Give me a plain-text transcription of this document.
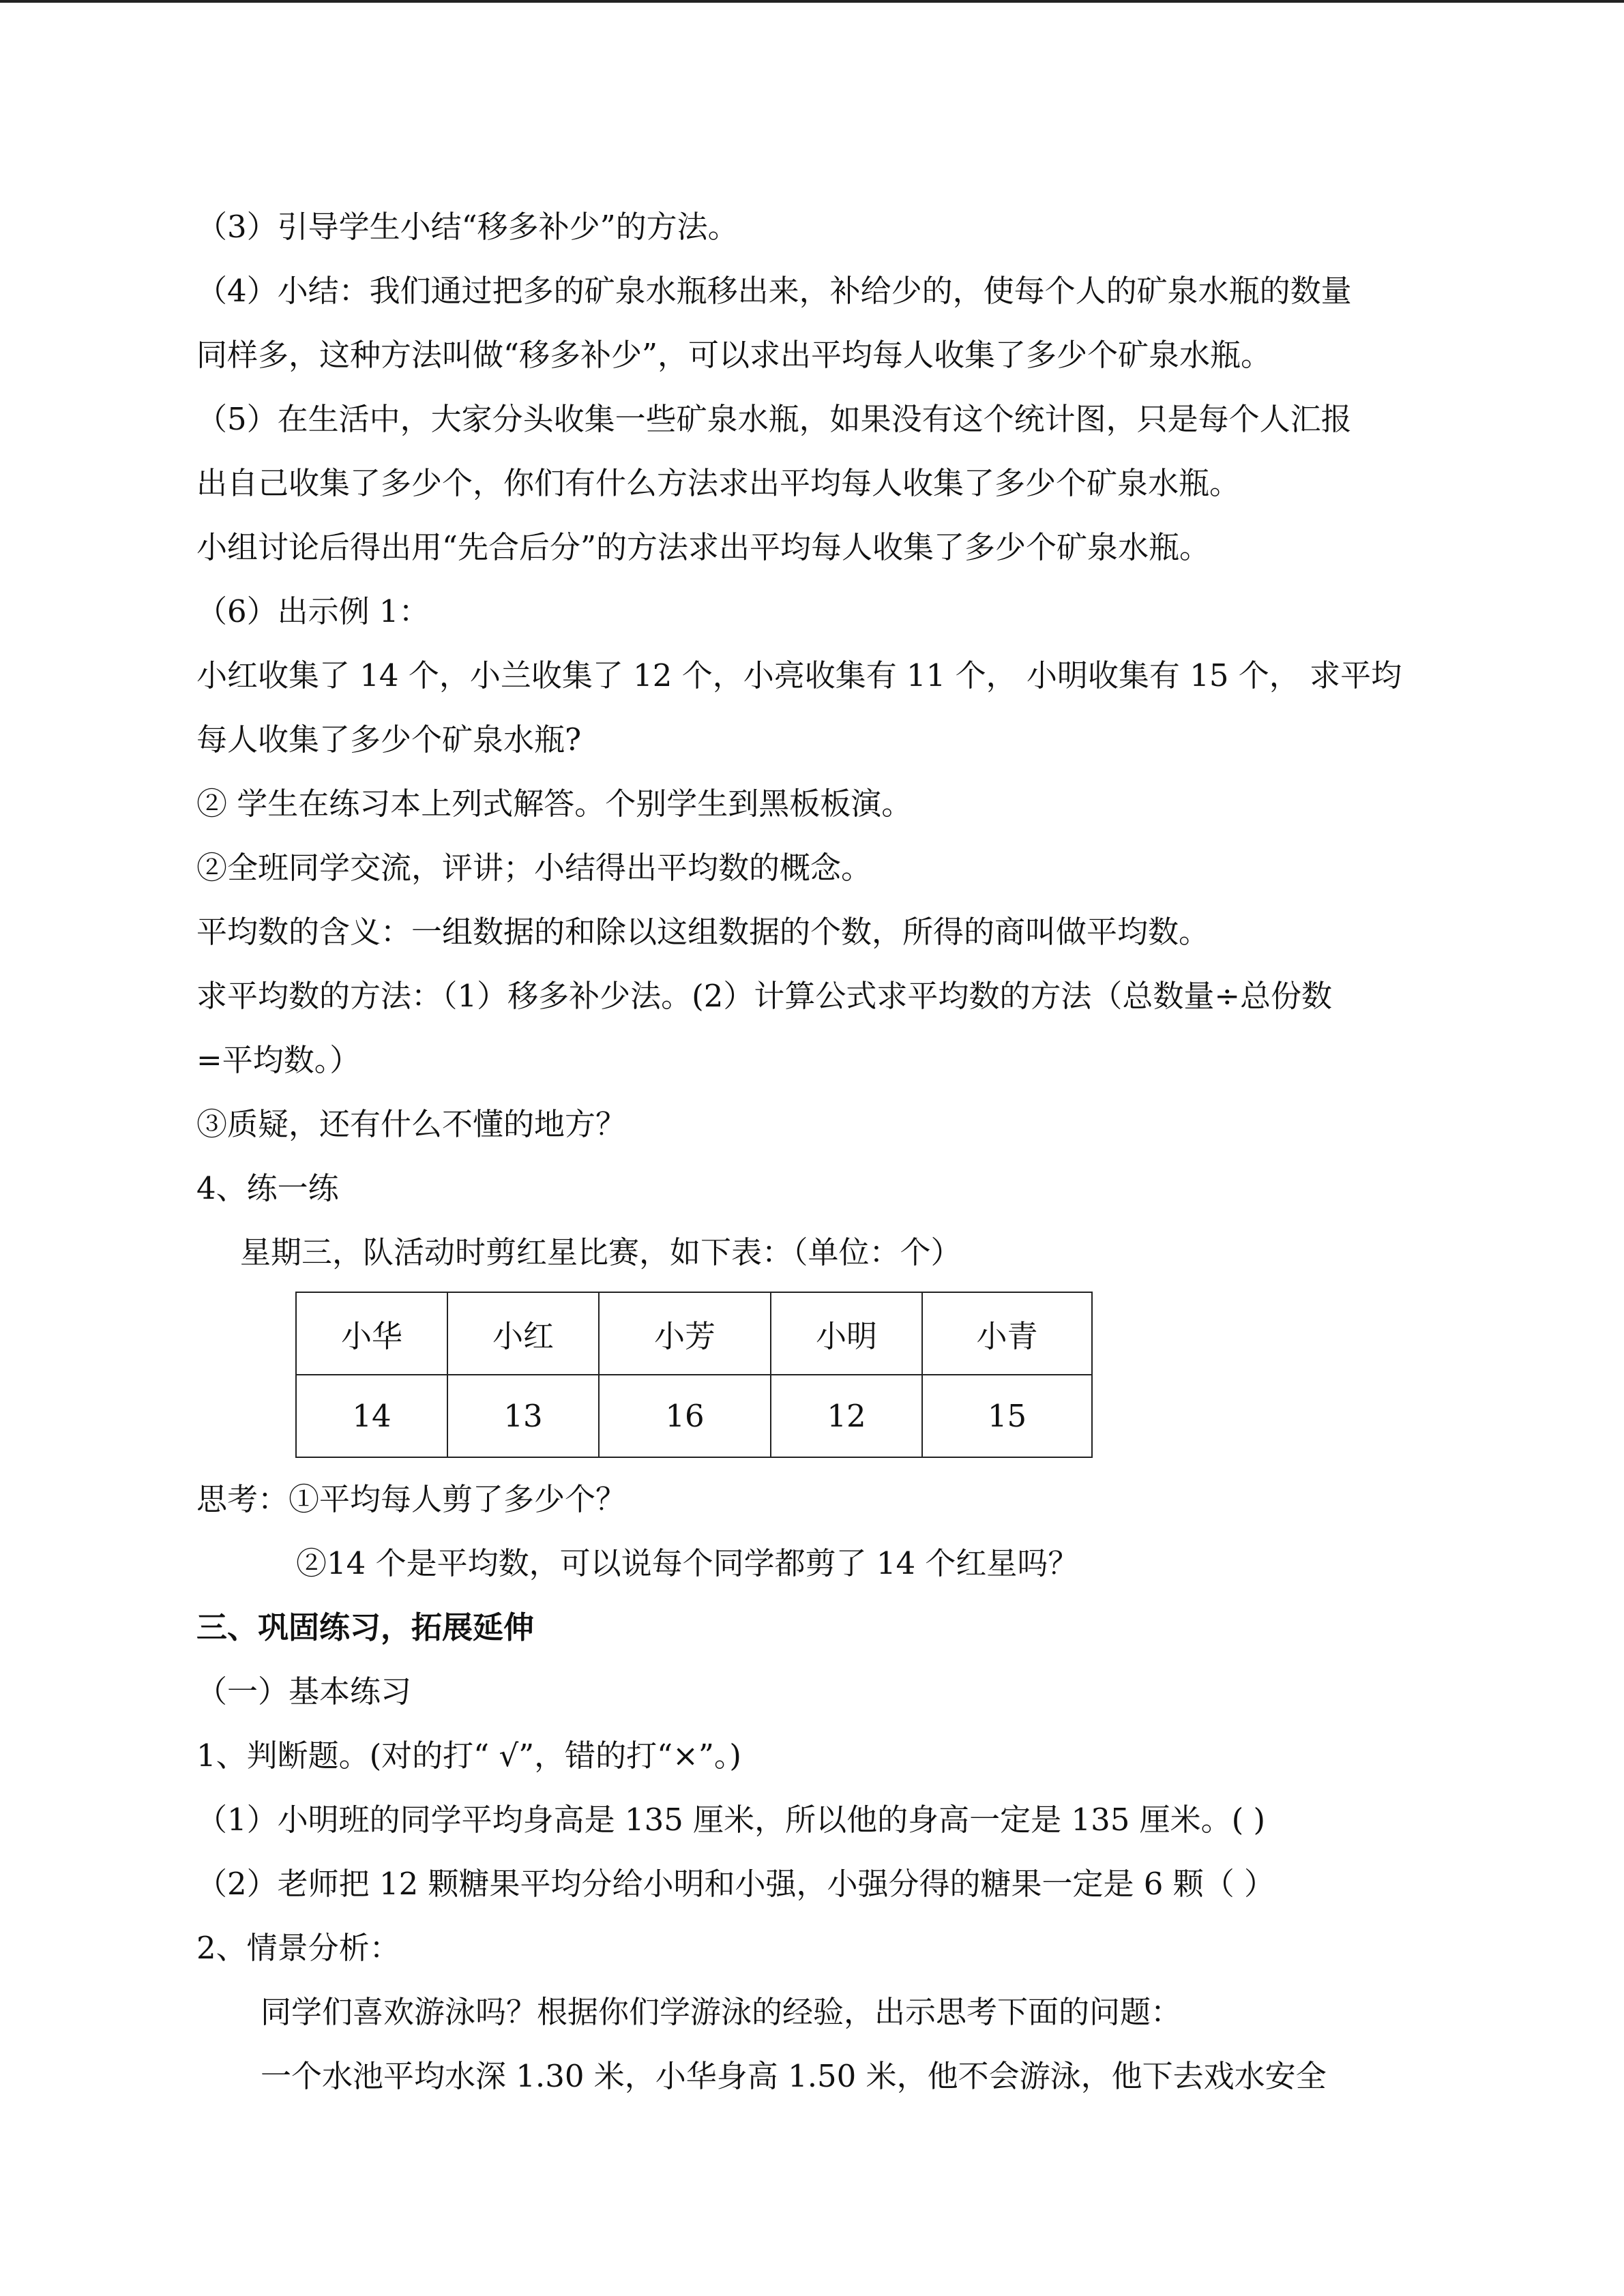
（3）引导学生小结“移多补少”的方法。

（4）小结：我们通过把多的矿泉水瓶移出来，补给少的，使每个人的矿泉水瓶的数量

同样多，这种方法叫做“移多补少”，可以求出平均每人收集了多少个矿泉水瓶。

（5）在生活中，大家分头收集一些矿泉水瓶，如果没有这个统计图，只是每个人汇报

出自己收集了多少个，你们有什么方法求出平均每人收集了多少个矿泉水瓶。

小组讨论后得出用“先合后分”的方法求出平均每人收集了多少个矿泉水瓶。

（6）出示例 1：

小红收集了 14 个，小兰收集了 12 个，小亮收集有 11 个， 小明收集有 15 个， 求平均

每人收集了多少个矿泉水瓶?

② 学生在练习本上列式解答。个别学生到黑板板演。

②全班同学交流，评讲；小结得出平均数的概念。

平均数的含义：一组数据的和除以这组数据的个数，所得的商叫做平均数。

求平均数的方法：（1）移多补少法。(2）计算公式求平均数的方法（总数量÷总份数

=平均数。）

③质疑，还有什么不懂的地方？

4、练一练

星期三，队活动时剪红星比赛，如下表：（单位：个）

小华	小红	小芳	小明	小青
14	13	16	12	15

思考：①平均每人剪了多少个？

②14 个是平均数，可以说每个同学都剪了 14 个红星吗？

三、巩固练习，拓展延伸

（一）基本练习

1、判断题。(对的打“ √”，错的打“×”。)

（1）小明班的同学平均身高是 135 厘米，所以他的身高一定是 135 厘米。( )

（2）老师把 12 颗糖果平均分给小明和小强，小强分得的糖果一定是 6 颗（ ）

2、情景分析：

同学们喜欢游泳吗？根据你们学游泳的经验，出示思考下面的问题：

一个水池平均水深 1.30 米，小华身高 1.50 米，他不会游泳，他下去戏水安全
